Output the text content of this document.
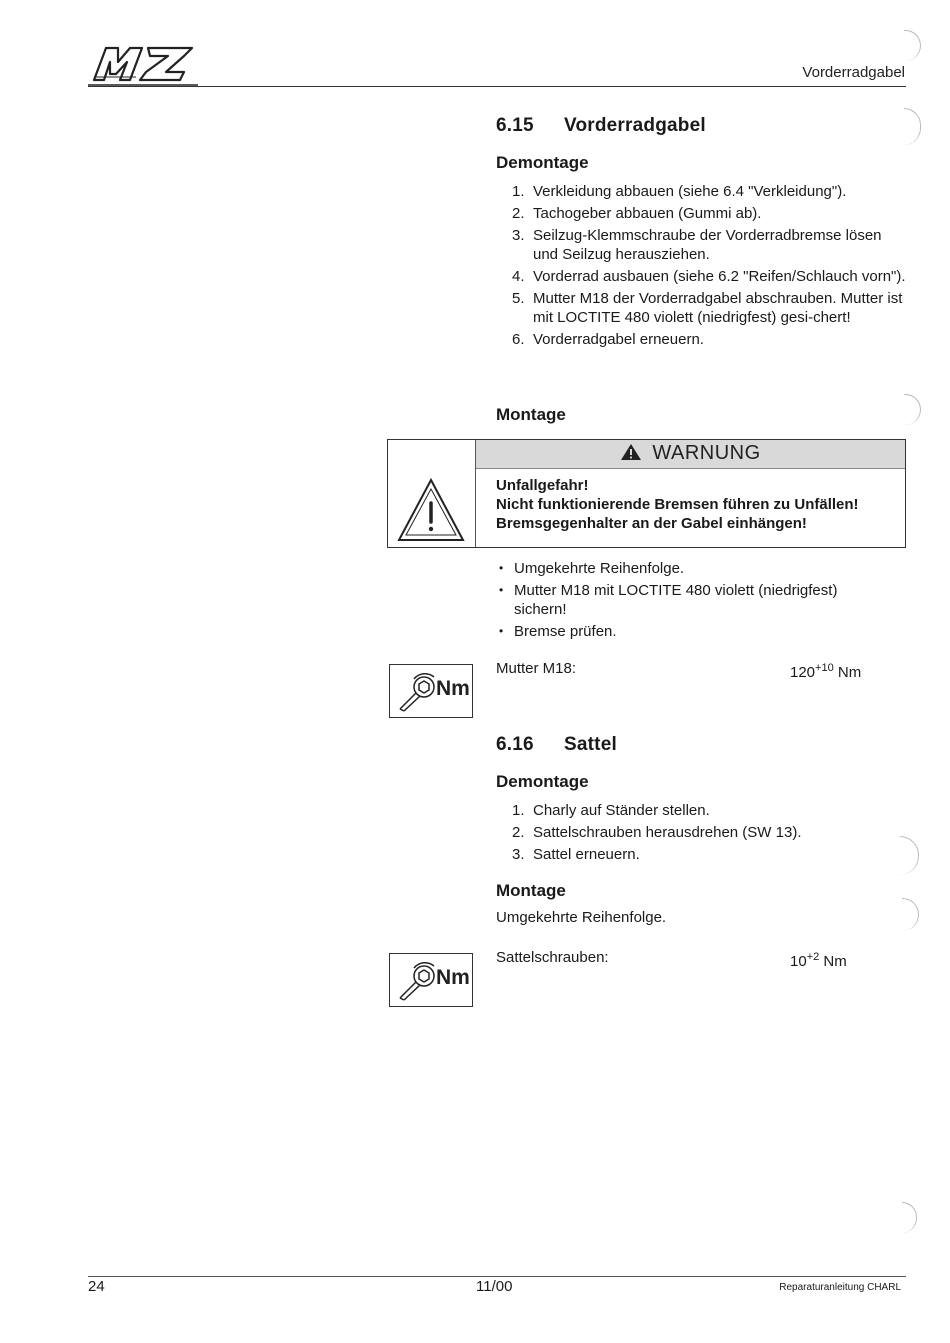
Vorderradgabel
6.15 Vorderradgabel
Demontage
1. Verkleidung abbauen (siehe 6.4 "Verkleidung").
2. Tachogeber abbauen (Gummi ab).
3. Seilzug-Klemmschraube der Vorderradbremse lösen und Seilzug herausziehen.
4. Vorderrad ausbauen (siehe 6.2 "Reifen/Schlauch vorn").
5. Mutter M18 der Vorderradgabel abschrauben. Mutter ist mit LOCTITE 480 violett (niedrigfest) gesi-chert!
6. Vorderradgabel erneuern.
Montage
WARNUNG
Unfallgefahr!
Nicht funktionierende Bremsen führen zu Unfällen!
Bremsgegenhalter an der Gabel einhängen!
• Umgekehrte Reihenfolge.
• Mutter M18 mit LOCTITE 480 violett (niedrigfest) sichern!
• Bremse prüfen.
Nm
Mutter M18:	$120^{+10}$ Nm
6.16 Sattel
Demontage
1. Charly auf Ständer stellen.
2. Sattelschrauben herausdrehen (SW 13).
3. Sattel erneuern.
Montage
Umgekehrte Reihenfolge.
Nm
Sattelschrauben:	$10^{+2}$ Nm
24	11/00	Reparaturanleitung CHARL
